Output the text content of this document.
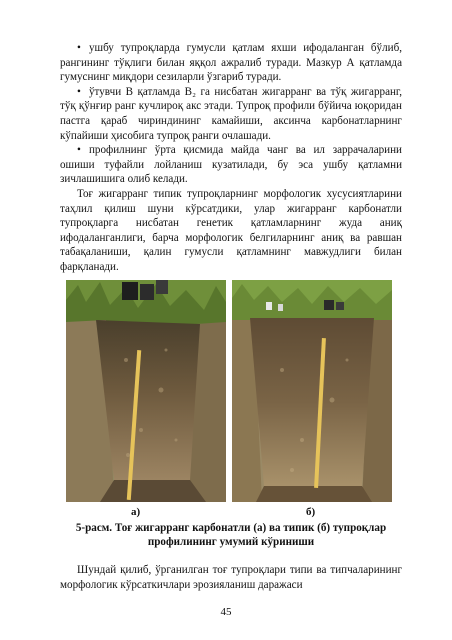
• ушбу тупроқларда гумусли қатлам яхши ифодаланган бўлиб, рангининг тўқлиги билан яққол ажралиб туради. Мазкур А қатламда гумуснинг миқдори сезиларли ўзгариб туради.

• ўтувчи В қатламда В₂ га нисбатан жигарранг ва тўқ жигарранг, тўқ қўнғир ранг кучлироқ акс этади. Тупроқ профили бўйича юқоридан пастга қараб чириндининг камайиши, аксинча карбонатларнинг кўпайиши ҳисобига тупроқ ранги очлашади.

• профилнинг ўрта қисмида майда чанг ва ил заррачаларини ошиши туфайли лойланиш кузатилади, бу эса ушбу қатламни зичлашишига олиб келади.

Тоғ жигарранг типик тупроқларнинг морфологик хусусиятларини таҳлил қилиш шуни кўрсатдики, улар жигарранг карбонатли тупроқларга нисбатан генетик қатламларнинг жуда аниқ ифодаланганлиги, барча морфологик белгиларнинг аниқ ва равшан табақаланиши, қалин гумусли қатламнинг мавжудлиги билан фарқланади.

а)	б)
5-расм. Тоғ жигарранг карбонатли (а) ва типик (б) тупроқлар
профилининг умумий кўриниши

Шундай қилиб, ўрганилган тоғ тупроқлари типи ва типчаларининг морфологик кўрсаткичлари эрозияланиш даражаси

45
